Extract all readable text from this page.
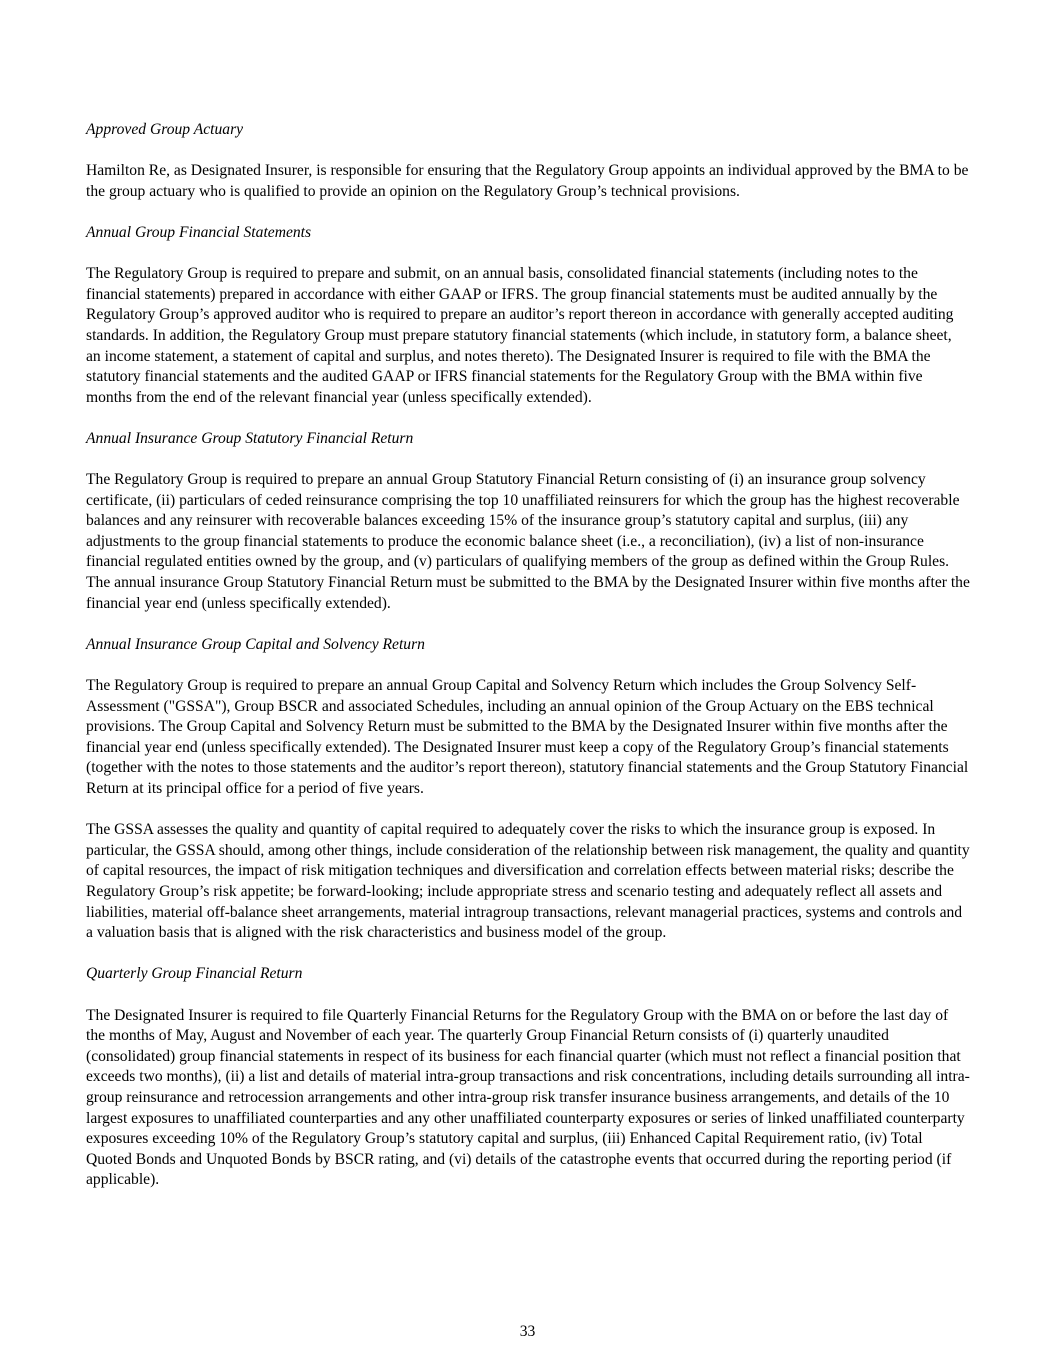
Approved Group Actuary
Hamilton Re, as Designated Insurer, is responsible for ensuring that the Regulatory Group appoints an individual approved by the BMA to be the group actuary who is qualified to provide an opinion on the Regulatory Group’s technical provisions.
Annual Group Financial Statements
The Regulatory Group is required to prepare and submit, on an annual basis, consolidated financial statements (including notes to the financial statements) prepared in accordance with either GAAP or IFRS. The group financial statements must be audited annually by the Regulatory Group’s approved auditor who is required to prepare an auditor’s report thereon in accordance with generally accepted auditing standards. In addition, the Regulatory Group must prepare statutory financial statements (which include, in statutory form, a balance sheet, an income statement, a statement of capital and surplus, and notes thereto). The Designated Insurer is required to file with the BMA the statutory financial statements and the audited GAAP or IFRS financial statements for the Regulatory Group with the BMA within five months from the end of the relevant financial year (unless specifically extended).
Annual Insurance Group Statutory Financial Return
The Regulatory Group is required to prepare an annual Group Statutory Financial Return consisting of (i) an insurance group solvency certificate, (ii) particulars of ceded reinsurance comprising the top 10 unaffiliated reinsurers for which the group has the highest recoverable balances and any reinsurer with recoverable balances exceeding 15% of the insurance group’s statutory capital and surplus, (iii) any adjustments to the group financial statements to produce the economic balance sheet (i.e., a reconciliation), (iv) a list of non-insurance financial regulated entities owned by the group, and (v) particulars of qualifying members of the group as defined within the Group Rules. The annual insurance Group Statutory Financial Return must be submitted to the BMA by the Designated Insurer within five months after the financial year end (unless specifically extended).
Annual Insurance Group Capital and Solvency Return
The Regulatory Group is required to prepare an annual Group Capital and Solvency Return which includes the Group Solvency Self-Assessment ("GSSA"), Group BSCR and associated Schedules, including an annual opinion of the Group Actuary on the EBS technical provisions. The Group Capital and Solvency Return must be submitted to the BMA by the Designated Insurer within five months after the financial year end (unless specifically extended). The Designated Insurer must keep a copy of the Regulatory Group’s financial statements (together with the notes to those statements and the auditor’s report thereon), statutory financial statements and the Group Statutory Financial Return at its principal office for a period of five years.
The GSSA assesses the quality and quantity of capital required to adequately cover the risks to which the insurance group is exposed. In particular, the GSSA should, among other things, include consideration of the relationship between risk management, the quality and quantity of capital resources, the impact of risk mitigation techniques and diversification and correlation effects between material risks; describe the Regulatory Group’s risk appetite; be forward-looking; include appropriate stress and scenario testing and adequately reflect all assets and liabilities, material off-balance sheet arrangements, material intragroup transactions, relevant managerial practices, systems and controls and a valuation basis that is aligned with the risk characteristics and business model of the group.
Quarterly Group Financial Return
The Designated Insurer is required to file Quarterly Financial Returns for the Regulatory Group with the BMA on or before the last day of the months of May, August and November of each year. The quarterly Group Financial Return consists of (i) quarterly unaudited (consolidated) group financial statements in respect of its business for each financial quarter (which must not reflect a financial position that exceeds two months), (ii) a list and details of material intra-group transactions and risk concentrations, including details surrounding all intra-group reinsurance and retrocession arrangements and other intra-group risk transfer insurance business arrangements, and details of the 10 largest exposures to unaffiliated counterparties and any other unaffiliated counterparty exposures or series of linked unaffiliated counterparty exposures exceeding 10% of the Regulatory Group’s statutory capital and surplus, (iii) Enhanced Capital Requirement ratio, (iv) Total Quoted Bonds and Unquoted Bonds by BSCR rating, and (vi) details of the catastrophe events that occurred during the reporting period (if applicable).
33
